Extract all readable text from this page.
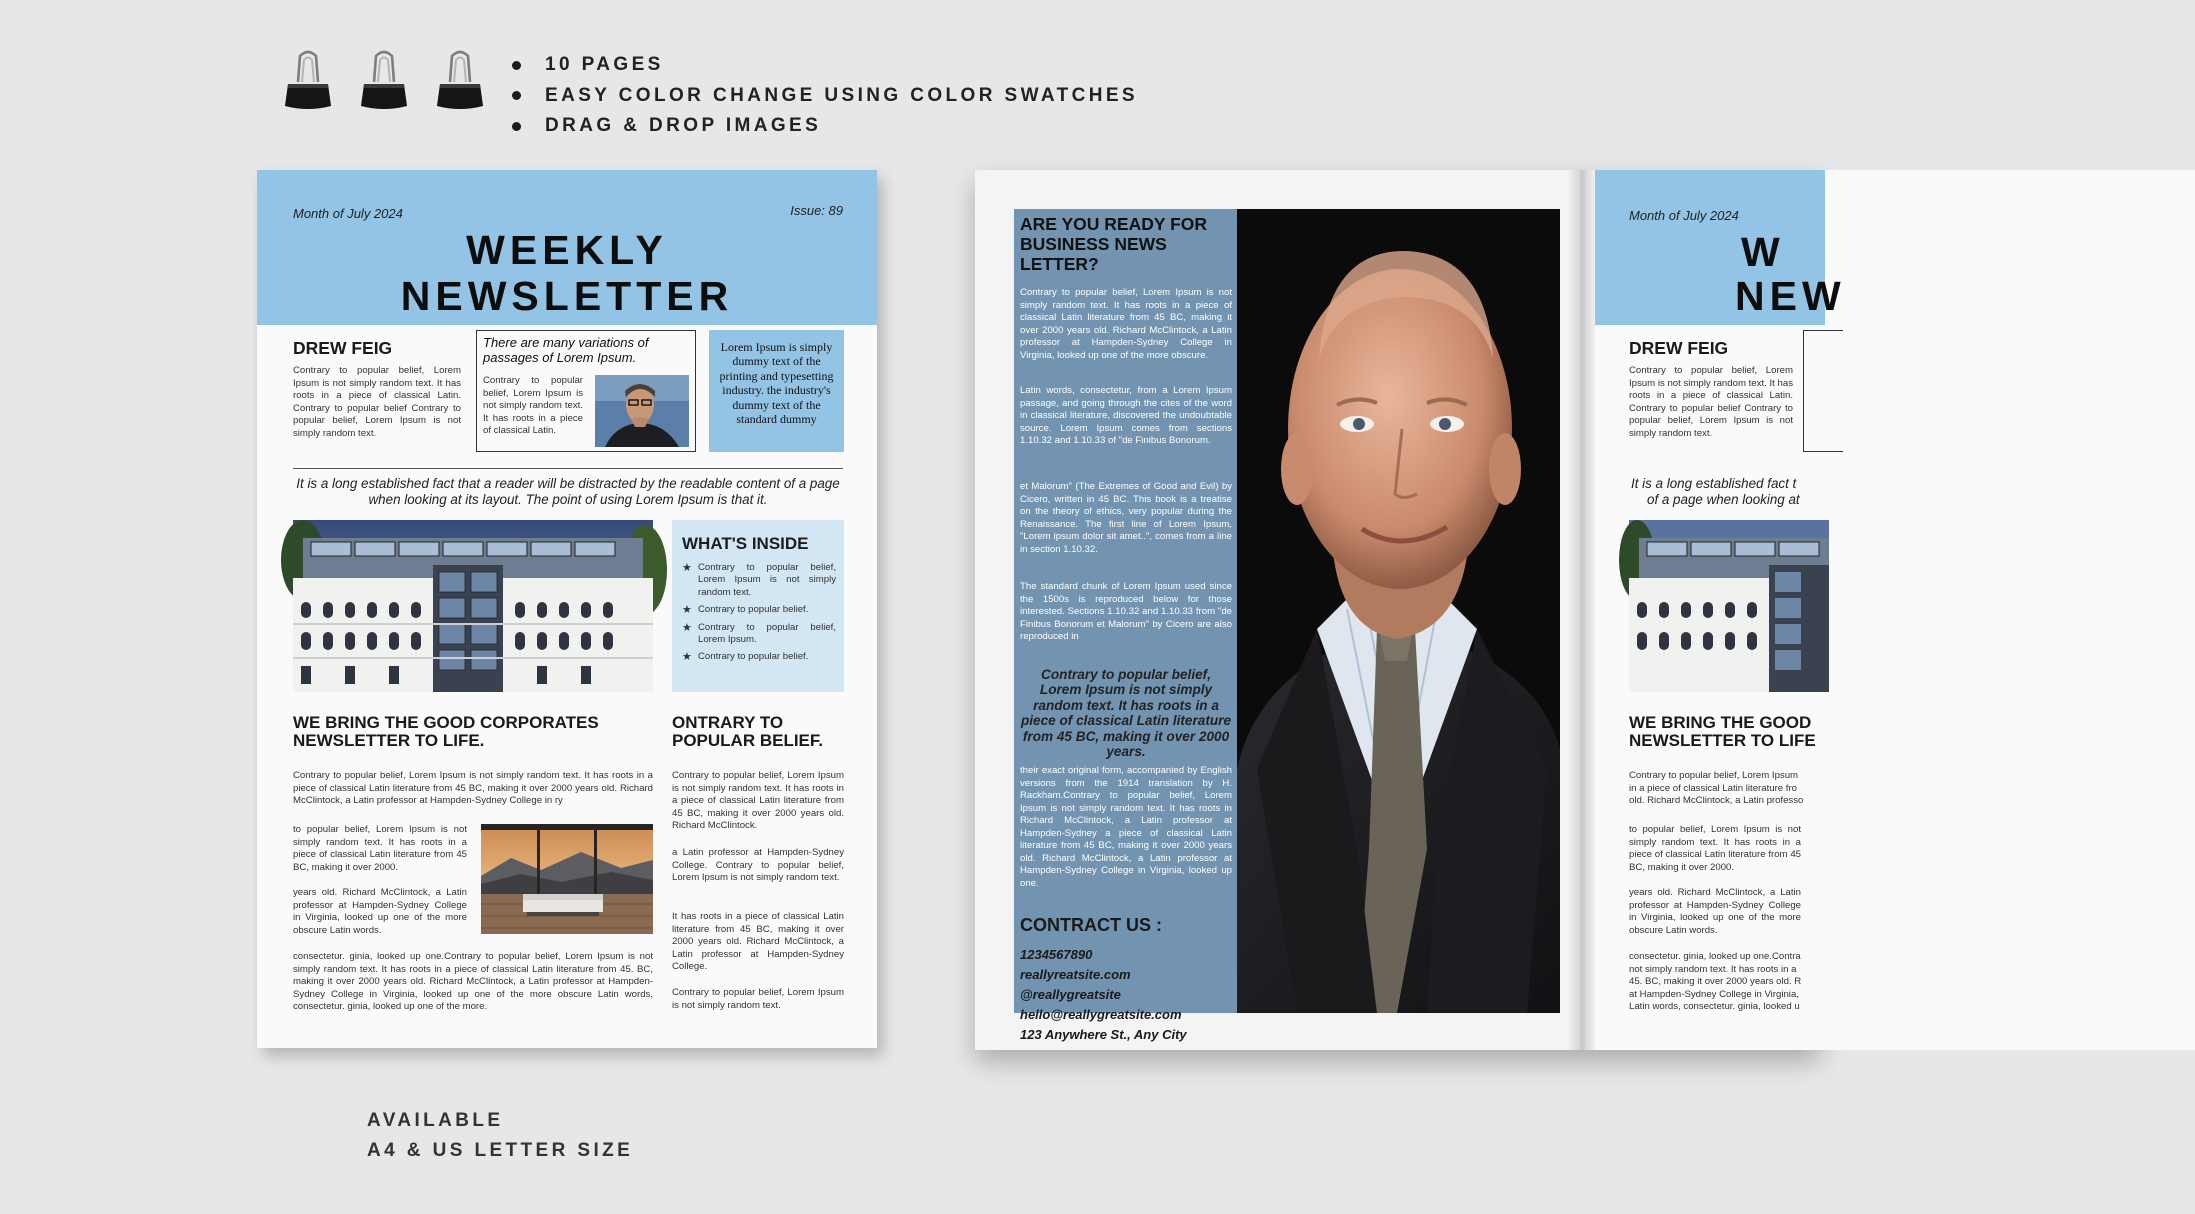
10 PAGES
EASY COLOR CHANGE USING COLOR SWATCHES
DRAG & DROP IMAGES
Month of July 2024	Issue: 89
WEEKLY
NEWSLETTER
DREW FEIG
Contrary to popular belief, Lorem Ipsum is not simply random text. It has roots in a piece of classical Latin. Contrary to popular belief Contrary to popular belief, Lorem Ipsum is not simply random text.
There are many variations of passages of Lorem Ipsum.
Contrary to popular belief, Lorem Ipsum is not simply random text. It has roots in a piece of classical Latin.
Lorem Ipsum is simply dummy text of the printing and typesetting industry. the industry's dummy text of the standard dummy
It is a long established fact that a reader will be distracted by the readable content of a page when looking at its layout. The point of using Lorem Ipsum is that it.
WHAT'S INSIDE
★ Contrary to popular belief, Lorem Ipsum is not simply random text.
★ Contrary to popular belief.
★ Contrary to popular belief, Lorem Ipsum.
★ Contrary to popular belief.
WE BRING THE GOOD CORPORATES NEWSLETTER TO LIFE.
Contrary to popular belief, Lorem Ipsum is not simply random text. It has roots in a piece of classical Latin literature from 45 BC, making it over 2000 years old. Richard McClintock, a Latin professor at Hampden-Sydney College in ry
to popular belief, Lorem Ipsum is not simply random text. It has roots in a piece of classical Latin literature from 45 BC, making it over 2000.
years old. Richard McClintock, a Latin professor at Hampden-Sydney College in Virginia, looked up one of the more obscure Latin words.
consectetur. ginia, looked up one.Contrary to popular belief, Lorem Ipsum is not simply random text. It has roots in a piece of classical Latin literature from 45. BC, making it over 2000 years old. Richard McClintock, a Latin professor at Hampden-Sydney College in Virginia, looked up one of the more obscure Latin words, consectetur. ginia, looked up one of the more.
ONTRARY TO POPULAR BELIEF.
Contrary to popular belief, Lorem Ipsum is not simply random text. It has roots in a piece of classical Latin literature from 45 BC, making it over 2000 years old. Richard McClintock.
a Latin professor at Hampden-Sydney College. Contrary to popular belief, Lorem Ipsum is not simply random text.
It has roots in a piece of classical Latin literature from 45 BC, making it over 2000 years old. Richard McClintock, a Latin professor at Hampden-Sydney College.
Contrary to popular belief, Lorem Ipsum is not simply random text.
ARE YOU READY FOR BUSINESS NEWS LETTER?
Contrary to popular belief, Lorem Ipsum is not simply random text. It has roots in a piece of classical Latin literature from 45 BC, making it over 2000 years old. Richard McClintock, a Latin professor at Hampden-Sydney College in Virginia, looked up one of the more obscure.
Latin words, consectetur, from a Lorem Ipsum passage, and going through the cites of the word in classical literature, discovered the undoubtable source. Lorem Ipsum comes from sections 1.10.32 and 1.10.33 of "de Finibus Bonorum.
et Malorum" (The Extremes of Good and Evil) by Cicero, written in 45 BC. This book is a treatise on the theory of ethics, very popular during the Renaissance. The first line of Lorem Ipsum, "Lorem ipsum dolor sit amet..", comes from a line in section 1.10.32.
The standard chunk of Lorem Ipsum used since the 1500s is reproduced below for those interested. Sections 1.10.32 and 1.10.33 from "de Finibus Bonorum et Malorum" by Cicero are also reproduced in
Contrary to popular belief, Lorem Ipsum is not simply random text. It has roots in a piece of classical Latin literature from 45 BC, making it over 2000 years.
their exact original form, accompanied by English versions from the 1914 translation by H. Rackham.Contrary to popular belief, Lorem Ipsum is not simply random text. It has roots in Richard McClintock, a Latin professor at Hampden-Sydney a piece of classical Latin literature from 45 BC, making it over 2000 years old. Richard McClintock, a Latin professor at Hampden-Sydney College in Virginia, looked up one.
CONTRACT US :
1234567890
reallyreatsite.com
@reallygreatsite
hello@reallygreatsite.com
123 Anywhere St., Any City
Month of July 2024
W
NEW
DREW FEIG
Contrary to popular belief, Lorem Ipsum is not simply random text. It has roots in a piece of classical Latin. Contrary to popular belief Contrary to popular belief, Lorem Ipsum is not simply random text.
It is a long established fact t
of a page when looking at
WE BRING THE GOOD
NEWSLETTER TO LIFE
Contrary to popular belief, Lorem Ipsum
in a piece of classical Latin literature fro
old. Richard McClintock, a Latin professo
to popular belief, Lorem Ipsum is not simply random text. It has roots in a piece of classical Latin literature from 45 BC, making it over 2000.
years old. Richard McClintock, a Latin professor at Hampden-Sydney College in Virginia, looked up one of the more obscure Latin words.
consectetur. ginia, looked up one.Contra
not simply random text. It has roots in a
45. BC, making it over 2000 years old. R
at Hampden-Sydney College in Virginia,
Latin words, consectetur. ginia, looked u
AVAILABLE
A4 & US LETTER SIZE
